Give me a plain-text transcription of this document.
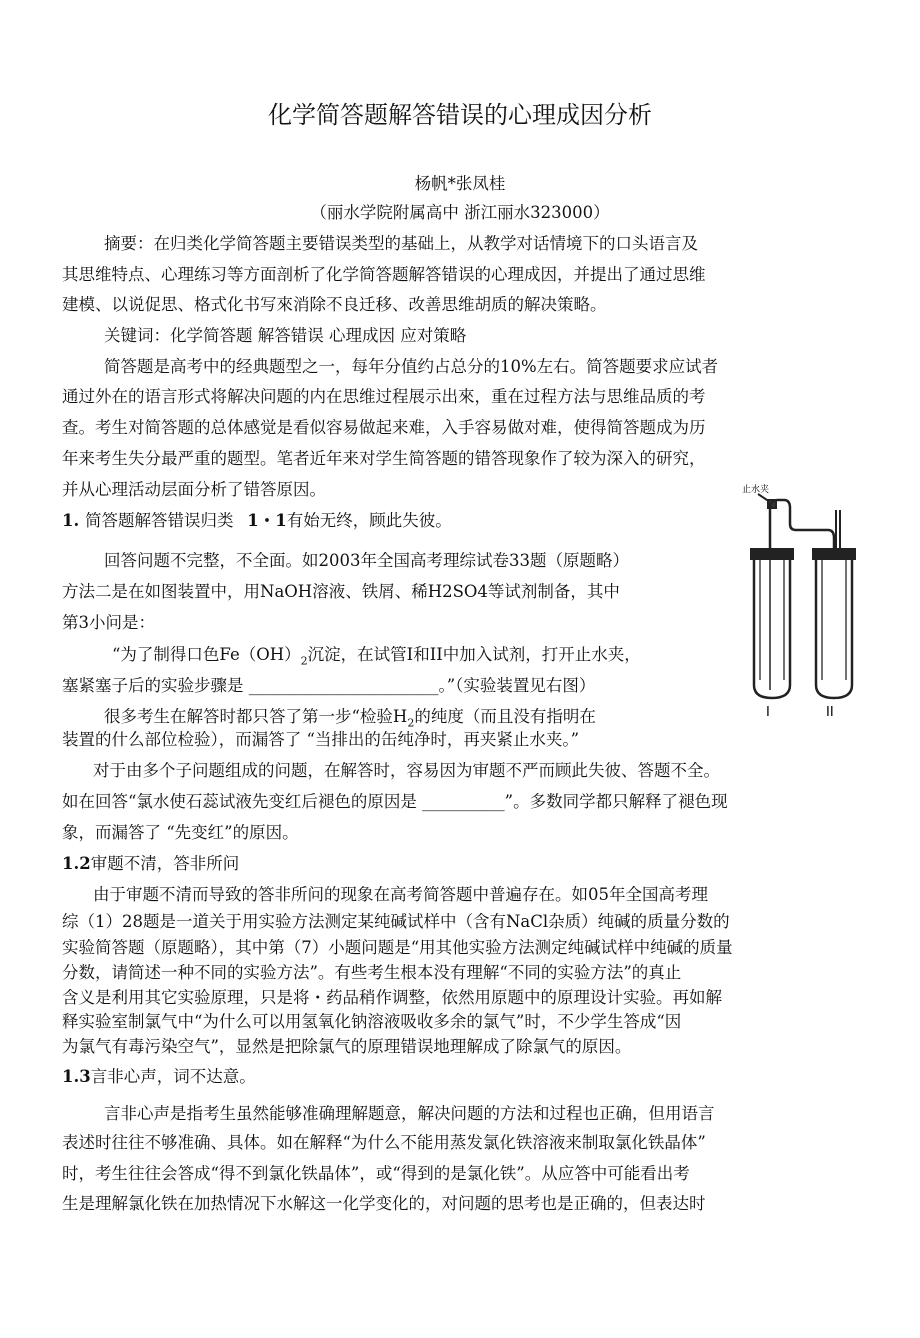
化学简答题解答错误的心理成因分析
杨帆*张凤桂
（丽水学院附属高中 浙江丽水323000）
摘要：在归类化学简答题主要错误类型的基础上，从教学对话情境下的口头语言及
其思维特点、心理练习等方面剖析了化学简答题解答错误的心理成因，并提出了通过思维
建模、以说促思、格式化书写來消除不良迁移、改善思维胡质的解决策略。
关键词：化学简答题 解答错误 心理成因 应对策略
简答题是高考中的经典题型之一，每年分值约占总分的10%左右。简答题要求应试者
通过外在的语言形式将解决问题的内在思维过程展示出來，重在过程方法与思维品质的考
查。考生对简答题的总体感觉是看似容易做起来难，入手容易做对难，使得简答题成为历
年来考生失分最严重的题型。笔者近年来对学生简答题的错答现象作了较为深入的研究，
并从心理活动层面分析了错答原因。
1. 简答题解答错误归类 1・1有始无终，顾此失彼。
回答问题不完整，不全面。如2003年全国高考理综试卷33题（原题略）
方法二是在如图装置中，用NaOH溶液、铁屑、稀H2SO4等试剂制备，其中
第3小问是：
“为了制得口色$Fe(OH)_2$沉淀，在试管I和II中加入试剂，打开止水夹，
塞紧塞子后的实验步骤是 _______________________。”（实验装置见右图）
很多考生在解答时都只答了第一步“检验$H_2$的纯度（而且没有指明在
装置的什么部位检验），而漏答了 “当排出的缶纯净时，再夹紧止水夹。”
对于由多个子问题组成的问题，在解答时，容易因为审题不严而顾此失彼、答题不全。
如在回答“氯水使石蕊试液先变红后褪色的原因是 __________”。多数同学都只解释了褪色现
象，而漏答了 “先变红”的原因。
1.2审题不清，答非所问
由于审题不清而导致的答非所问的现象在高考简答题中普遍存在。如05年全国高考理
综（1）28题是一道关于用实验方法测定某纯碱试样中（含有NaCl杂质）纯碱的质量分数的
实验简答题（原题略），其中第（7）小题问题是“用其他实验方法测定纯碱试样中纯碱的质量
分数，请简述一种不同的实验方法”。有些考生根本没有理解“不同的实验方法”的真止
含义是利用其它实验原理，只是将・药品稍作调整，依然用原题中的原理设计实验。再如解
释实验室制氯气中“为什么可以用氢氧化钠溶液吸收多余的氯气”时，不少学生答成“因
为氯气有毒污染空气”，显然是把除氯气的原理错误地理解成了除氯气的原因。
1.3言非心声，词不达意。
言非心声是指考生虽然能够准确理解题意，解决问题的方法和过程也正确，但用语言
表述时往往不够准确、具体。如在解释“为什么不能用蒸发氯化铁溶液来制取氯化铁晶体”
时，考生往往会答成“得不到氯化铁晶体”，或“得到的是氯化铁”。从应答中可能看出考
生是理解氯化铁在加热情况下水解这一化学变化的，对问题的思考也是正确的，但表达时
止水夹
I	II
